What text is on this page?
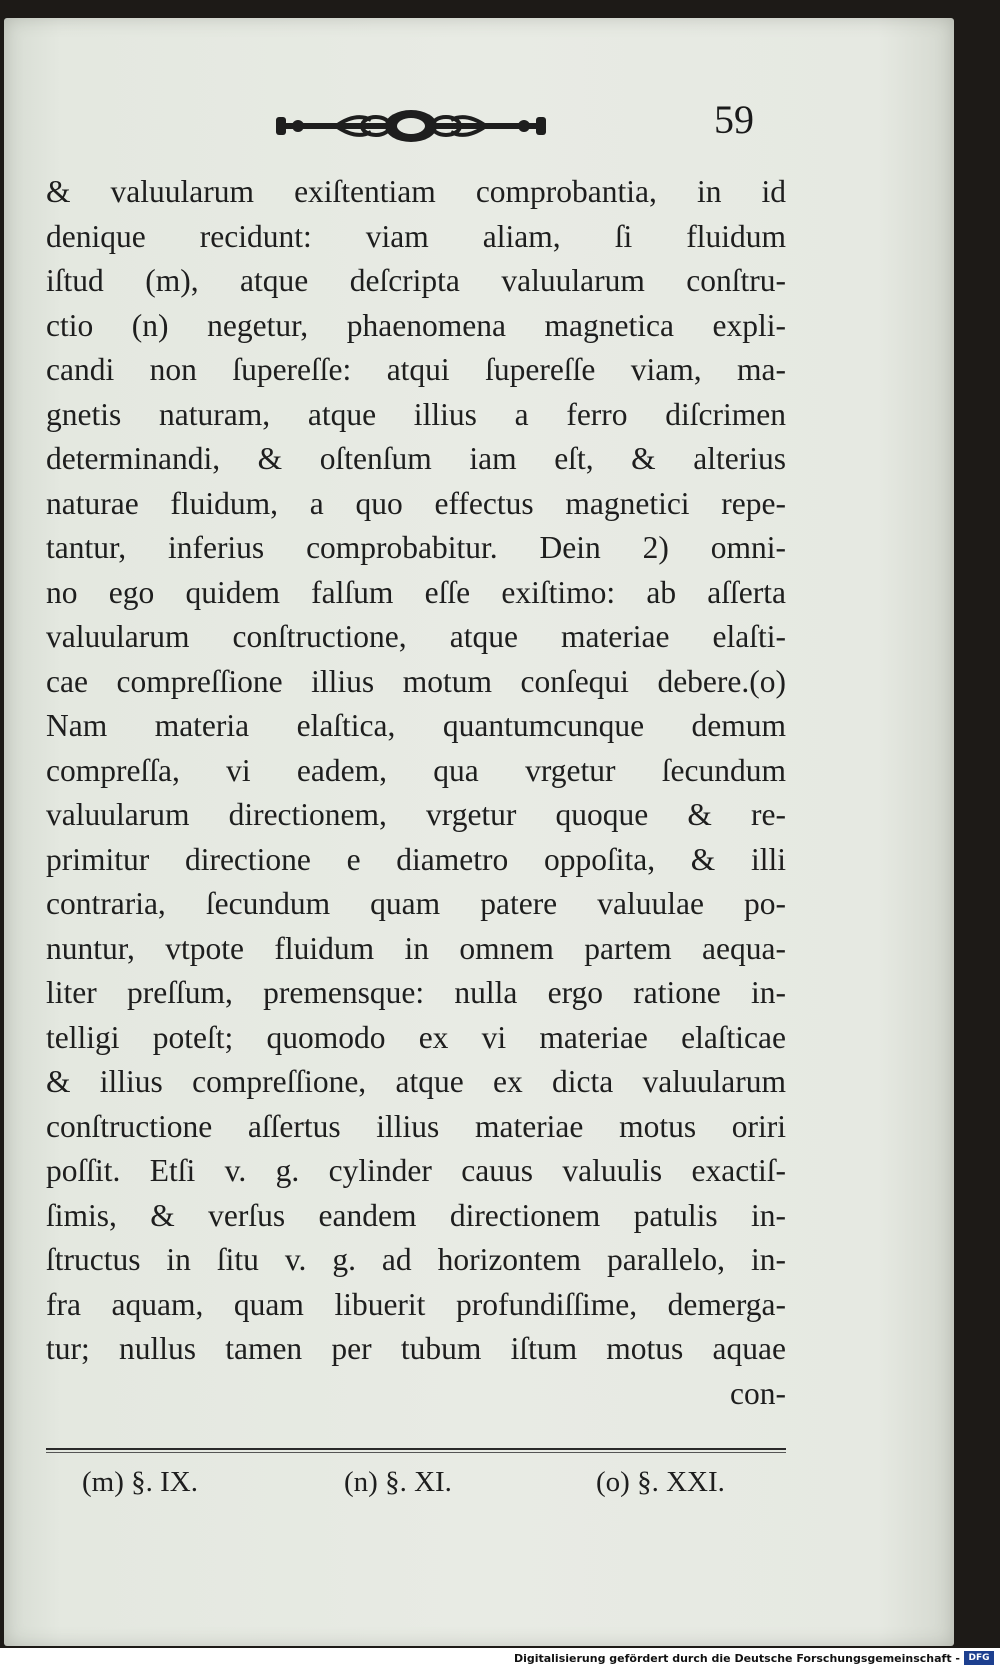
59
& valuularum exiſtentiam comprobantia, in id
denique recidunt: viam aliam, ſi fluidum
iſtud (m), atque deſcripta valuularum conſtru-
ctio (n) negetur, phaenomena magnetica expli-
candi non ſupereſſe: atqui ſupereſſe viam, ma-
gnetis naturam, atque illius a ferro diſcrimen
determinandi, & oſtenſum iam eſt, & alterius
naturae fluidum, a quo effectus magnetici repe-
tantur, inferius comprobabitur. Dein 2) omni-
no ego quidem falſum eſſe exiſtimo: ab aſſerta
valuularum conſtructione, atque materiae elaſti-
cae compreſſione illius motum conſequi debere.(o)
Nam materia elaſtica, quantumcunque demum
compreſſa, vi eadem, qua vrgetur ſecundum
valuularum directionem, vrgetur quoque & re-
primitur directione e diametro oppoſita, & illi
contraria, ſecundum quam patere valuulae po-
nuntur, vtpote fluidum in omnem partem aequa-
liter preſſum, premensque: nulla ergo ratione in-
telligi poteſt; quomodo ex vi materiae elaſticae
& illius compreſſione, atque ex dicta valuularum
conſtructione aſſertus illius materiae motus oriri
poſſit. Etſi v. g. cylinder cauus valuulis exactiſ-
ſimis, & verſus eandem directionem patulis in-
ſtructus in ſitu v. g. ad horizontem parallelo, in-
fra aquam, quam libuerit profundiſſime, demerga-
tur; nullus tamen per tubum iſtum motus aquae
con-
(m) §. IX.	(n) §. XI.	(o) §. XXI.
Digitalisierung gefördert durch die Deutsche Forschungsgemeinschaft - DFG
